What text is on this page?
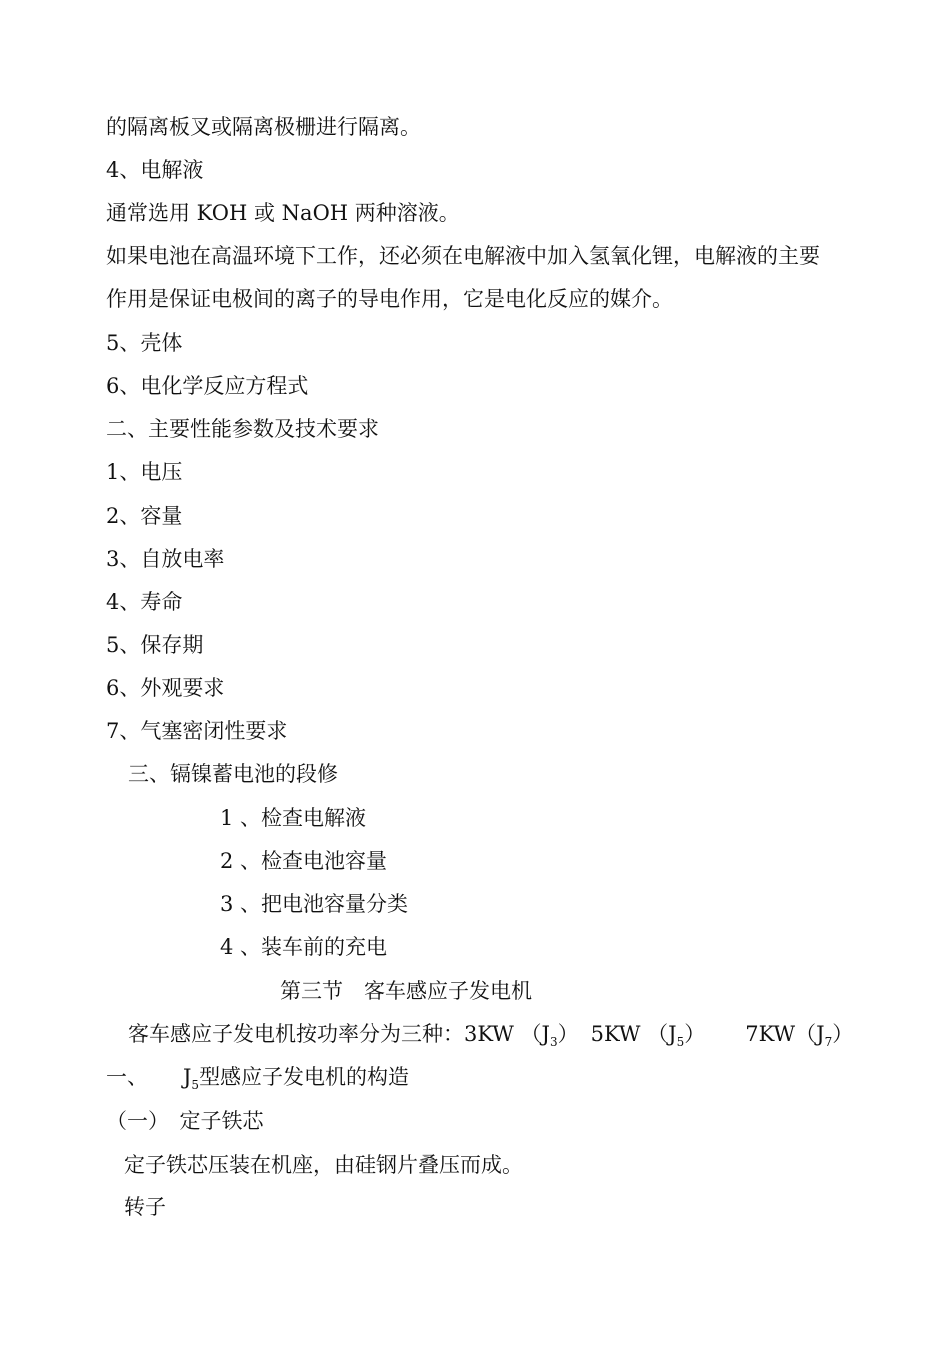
的隔离板叉或隔离极栅进行隔离。
4、电解液
通常选用 KOH 或 NaOH 两种溶液。
如果电池在高温环境下工作，还必须在电解液中加入氢氧化锂，电解液的主要
作用是保证电极间的离子的导电作用，它是电化反应的媒介。
5、壳体
6、电化学反应方程式
二、主要性能参数及技术要求
1、电压
2、容量
3、自放电率
4、寿命
5、保存期
6、外观要求
7、气塞密闭性要求
三、镉镍蓄电池的段修
1 、检查电解液
2 、检查电池容量
3 、把电池容量分类
4 、装车前的充电
第三节　客车感应子发电机
客车感应子发电机按功率分为三种：3KW $(J_3)$ 5KW $(J_5)$ $7KW(J_7)$
一、 $J_5$型感应子发电机的构造
（一）　定子铁芯
定子铁芯压装在机座，由硅钢片叠压而成。
转子
